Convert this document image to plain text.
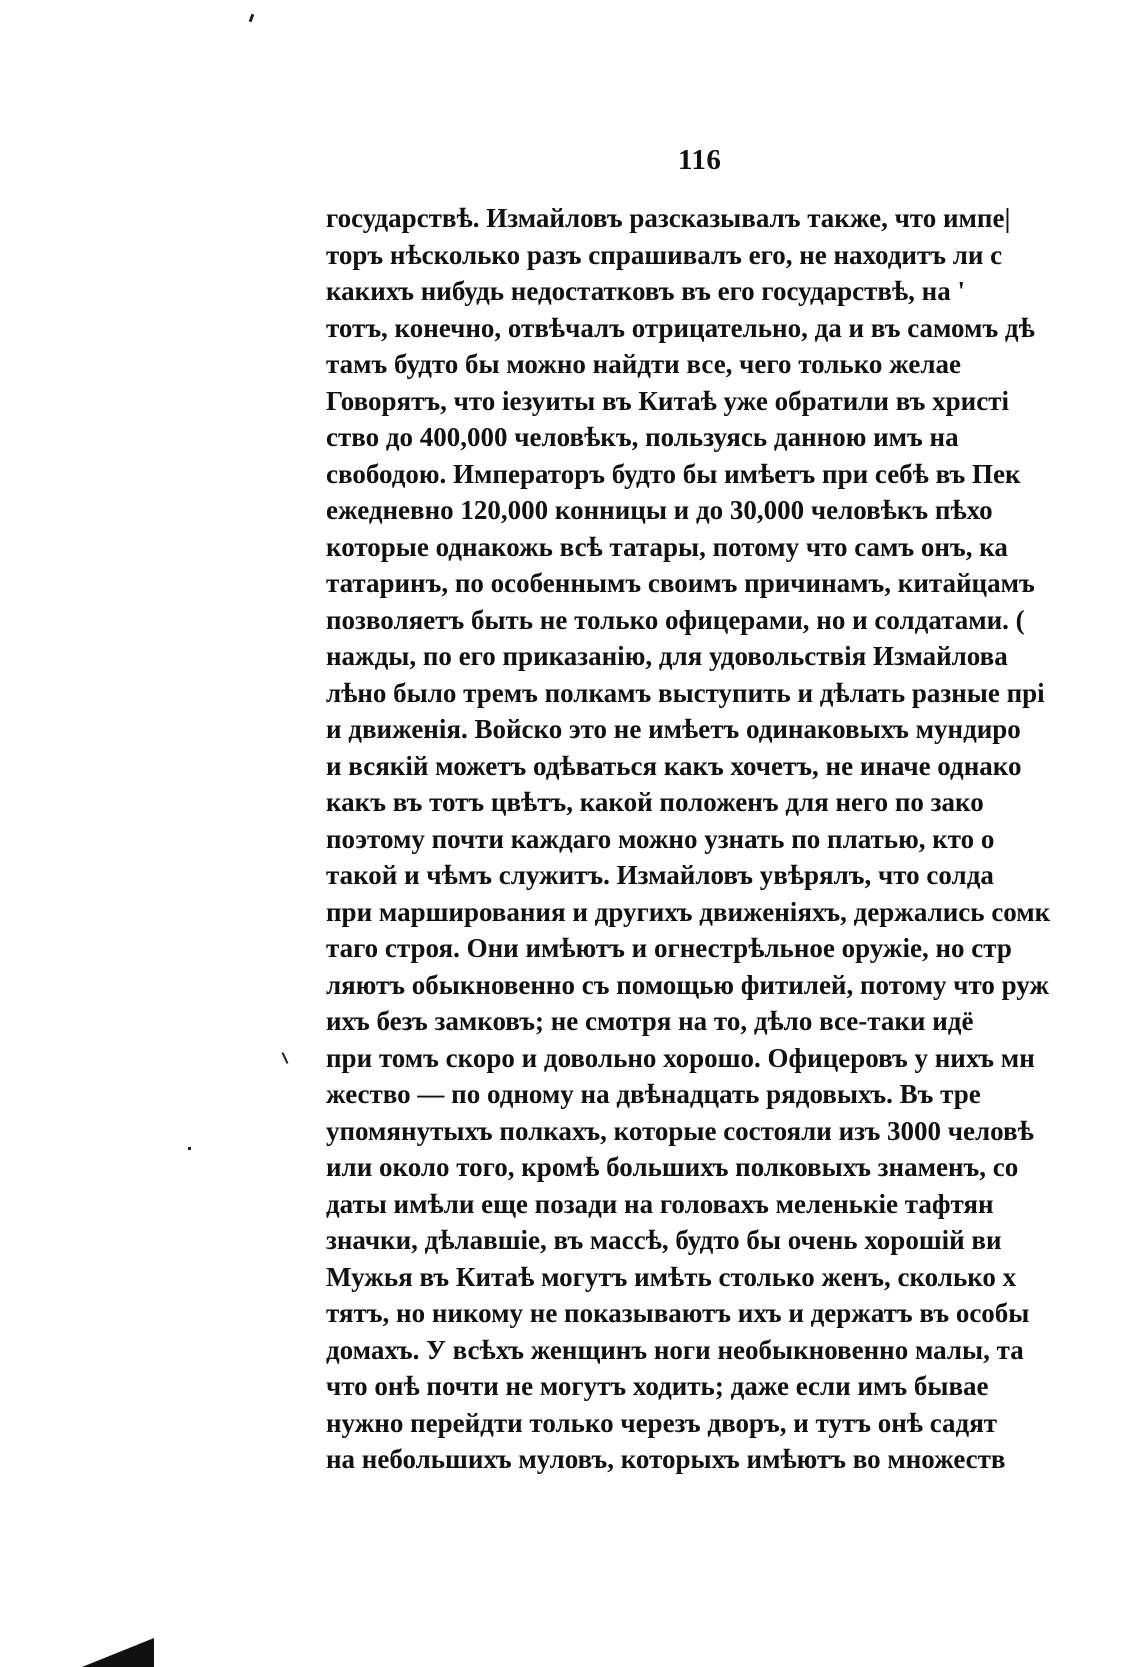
116
государствѣ. Измайловъ разсказывалъ также, что импе|
торъ нѣсколько разъ спрашивалъ его, не находитъ ли с
какихъ нибудь недостатковъ въ его государствѣ, на '
тотъ, конечно, отвѣчалъ отрицательно, да и въ самомъ дѣ
тамъ будто бы можно найдти все, чего только желае
Говорятъ, что іезуиты въ Китаѣ уже обратили въ христі
ство до 400,000 человѣкъ, пользуясь данною имъ на
свободою. Императоръ будто бы имѣетъ при себѣ въ Пек
ежедневно 120,000 конницы и до 30,000 человѣкъ пѣхо
которые однакожь всѣ татары, потому что самъ онъ, ка
татаринъ, по особеннымъ своимъ причинамъ, китайцамъ
позволяетъ быть не только офицерами, но и солдатами. (
нажды, по его приказанію, для удовольствія Измайлова
лѣно было тремъ полкамъ выступить и дѣлать разные прі
и движенія. Войско это не имѣетъ одинаковыхъ мундиро
и всякій можетъ одѣваться какъ хочетъ, не иначе однако
какъ въ тотъ цвѣтъ, какой положенъ для него по зако
поэтому почти каждаго можно узнать по платью, кто о
такой и чѣмъ служитъ. Измайловъ увѣрялъ, что солда
при марширования и другихъ движеніяхъ, держались сомк
таго строя. Они имѣютъ и огнестрѣльное оружіе, но стр
ляютъ обыкновенно съ помощью фитилей, потому что руж
ихъ безъ замковъ; не смотря на то, дѣло все-таки идё
при томъ скоро и довольно хорошо. Офицеровъ у нихъ мн
жество — по одному на двѣнадцать рядовыхъ. Въ тре
упомянутыхъ полкахъ, которые состояли изъ 3000 человѣ
или около того, кромѣ большихъ полковыхъ знаменъ, со
даты имѣли еще позади на головахъ меленькіе тафтян
значки, дѣлавшіе, въ массѣ, будто бы очень хорошій ви
Мужья въ Китаѣ могутъ имѣть столько женъ, сколько х
тятъ, но никому не показываютъ ихъ и держатъ въ особы
домахъ. У всѣхъ женщинъ ноги необыкновенно малы, та
что онѣ почти не могутъ ходить; даже если имъ бывае
нужно перейдти только черезъ дворъ, и тутъ онѣ садят
на небольшихъ муловъ, которыхъ имѣютъ во множеств
